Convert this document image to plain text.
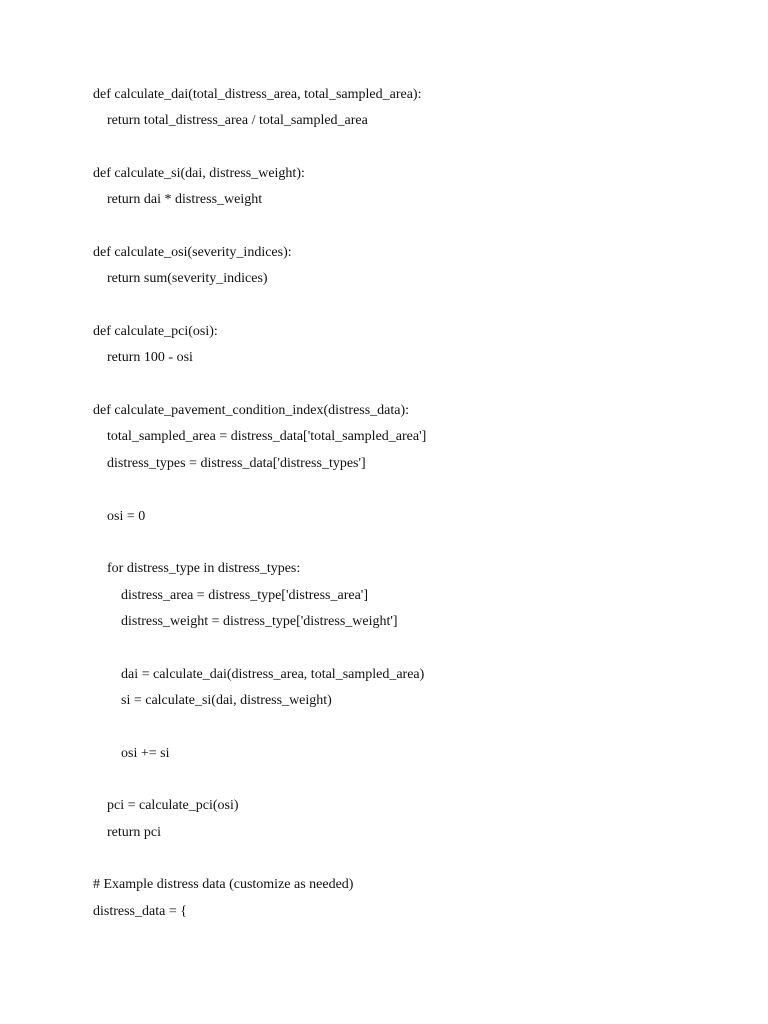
def calculate_dai(total_distress_area, total_sampled_area):
return total_distress_area / total_sampled_area
def calculate_si(dai, distress_weight):
return dai * distress_weight
def calculate_osi(severity_indices):
return sum(severity_indices)
def calculate_pci(osi):
return 100 - osi
def calculate_pavement_condition_index(distress_data):
total_sampled_area = distress_data['total_sampled_area']
distress_types = distress_data['distress_types']
osi = 0
for distress_type in distress_types:
distress_area = distress_type['distress_area']
distress_weight = distress_type['distress_weight']
dai = calculate_dai(distress_area, total_sampled_area)
si = calculate_si(dai, distress_weight)
osi += si
pci = calculate_pci(osi)
return pci
# Example distress data (customize as needed)
distress_data = {
